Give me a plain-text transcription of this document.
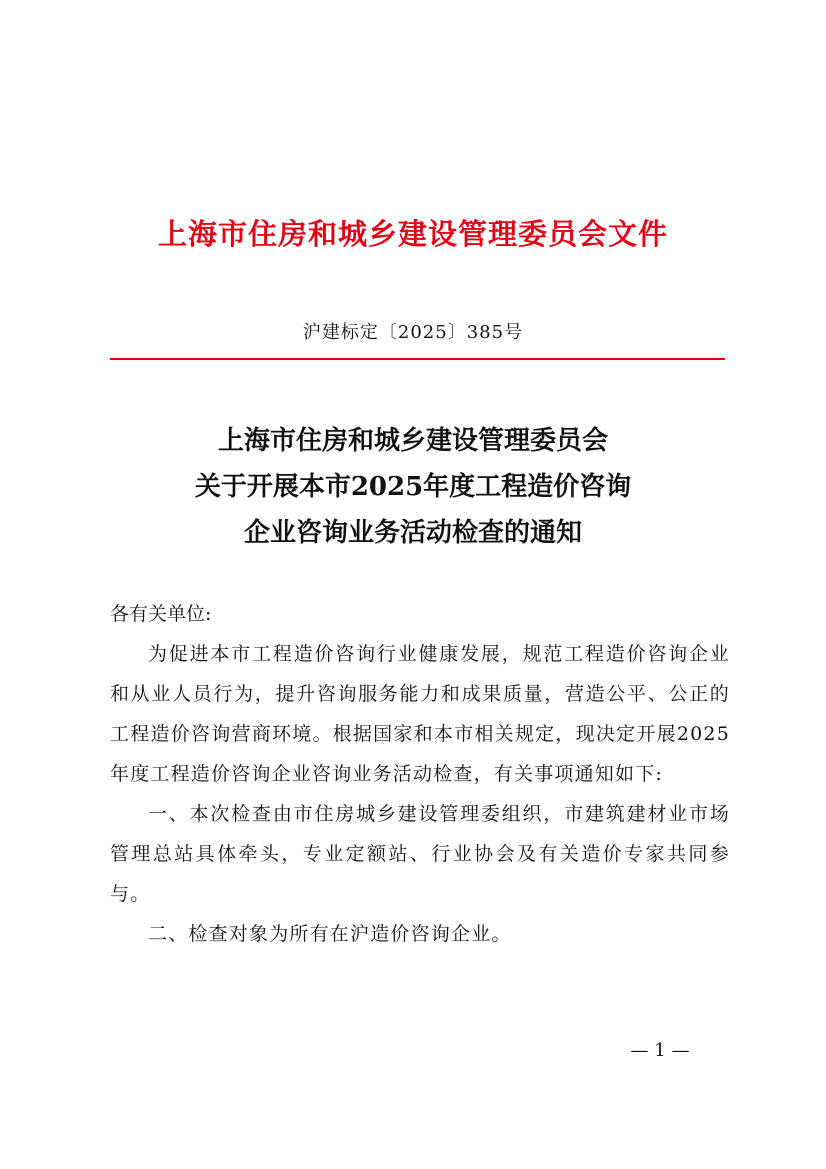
上海市住房和城乡建设管理委员会文件
沪建标定〔2025〕385号
上海市住房和城乡建设管理委员会
关于开展本市2025年度工程造价咨询
企业咨询业务活动检查的通知

各有关单位:

为促进本市工程造价咨询行业健康发展，规范工程造价咨询企业和从业人员行为，提升咨询服务能力和成果质量，营造公平、公正的工程造价咨询营商环境。根据国家和本市相关规定，现决定开展2025年度工程造价咨询企业咨询业务活动检查，有关事项通知如下:

一、本次检查由市住房城乡建设管理委组织，市建筑建材业市场管理总站具体牵头，专业定额站、行业协会及有关造价专家共同参与。

二、检查对象为所有在沪造价咨询企业。

— 1 —
